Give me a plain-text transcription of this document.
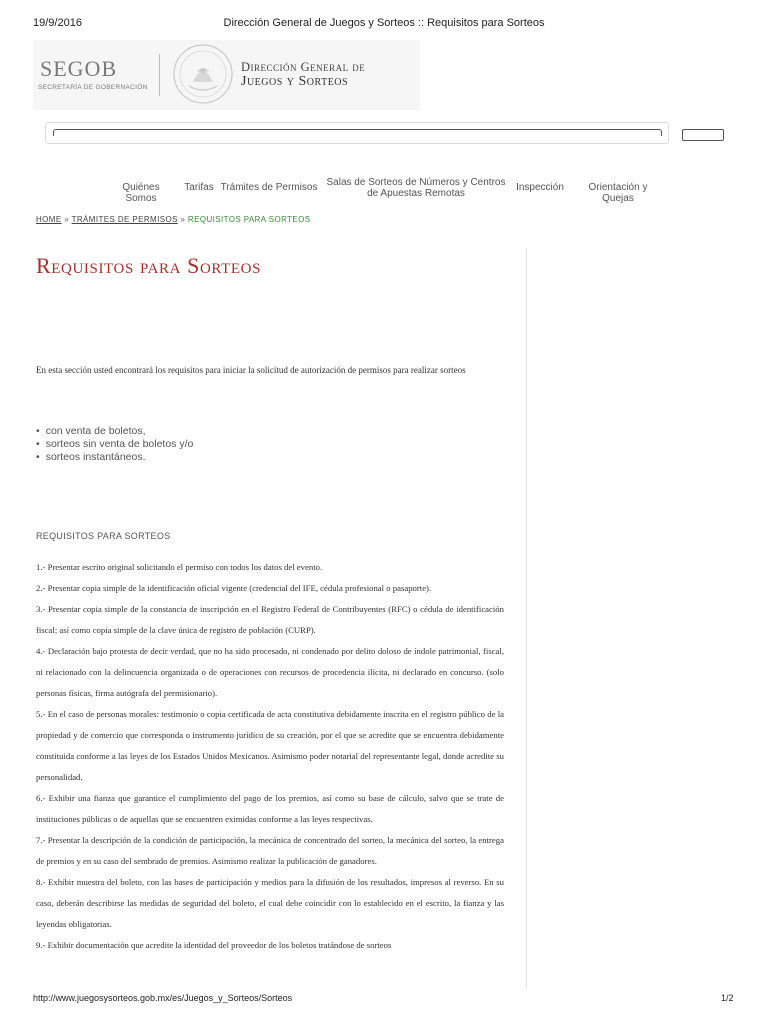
19/9/2016	Dirección General de Juegos y Sorteos :: Requisitos para Sorteos
SEGOB
SECRETARÍA DE GOBERNACIÓN
Dirección General de
Juegos y Sorteos
Quiénes Somos
Tarifas Trámites de Permisos Salas de Sorteos de Números y Centros de Apuestas Remotas
Inspección	Orientación y Quejas
HOME » TRÁMITES DE PERMISOS » REQUISITOS PARA SORTEOS
Requisitos para Sorteos
En esta sección usted encontrará los requisitos para iniciar la solicitud de autorización de permisos para realizar sorteos
• con venta de boletos,
• sorteos sin venta de boletos y/o
• sorteos instantáneos.
REQUISITOS PARA SORTEOS

1.- Presentar escrito original solicitando el permiso con todos los datos del evento.

2.- Presentar copia simple de la identificación oficial vigente (credencial del IFE, cédula profesional o pasaporte).

3.- Presentar copia simple de la constancia de inscripción en el Registro Federal de Contribuyentes (RFC) o cédula de identificación fiscal; así como copia simple de la clave única de registro de población (CURP).

4.- Declaración bajo protesta de decir verdad, que no ha sido procesado, ni condenado por delito doloso de índole patrimonial, fiscal, ni relacionado con la delincuencia organizada o de operaciones con recursos de procedencia ilícita, ni declarado en concurso. (solo personas físicas, firma autógrafa del permisionario).

5.- En el caso de personas morales: testimonio o copia certificada de acta constitutiva debidamente inscrita en el registro público de la propiedad y de comercio que corresponda o instrumento jurídico de su creación, por el que se acredite que se encuentra debidamente constituida conforme a las leyes de los Estados Unidos Mexicanos. Asimismo poder notarial del representante legal, donde acredite su personalidad.

6.- Exhibir una fianza que garantice el cumplimiento del pago de los premios, así como su base de cálculo, salvo que se trate de instituciones públicas o de aquellas que se encuentren eximidas conforme a las leyes respectivas.

7.- Presentar la descripción de la condición de participación, la mecánica de concentrado del sorteo, la mecánica del sorteo, la entrega de premios y en su caso del sembrado de premios. Asimismo realizar la publicación de ganadores.

8.- Exhibir muestra del boleto, con las bases de participación y medios para la difusión de los resultados, impresos al reverso. En su caso, deberán describirse las medidas de seguridad del boleto, el cual debe coincidir con lo establecido en el escrito, la fianza y las leyendas obligatorias.

9.- Exhibir documentación que acredite la identidad del proveedor de los boletos tratándose de sorteos

http://www.juegosysorteos.gob.mx/es/Juegos_y_Sorteos/Sorteos	1/2
